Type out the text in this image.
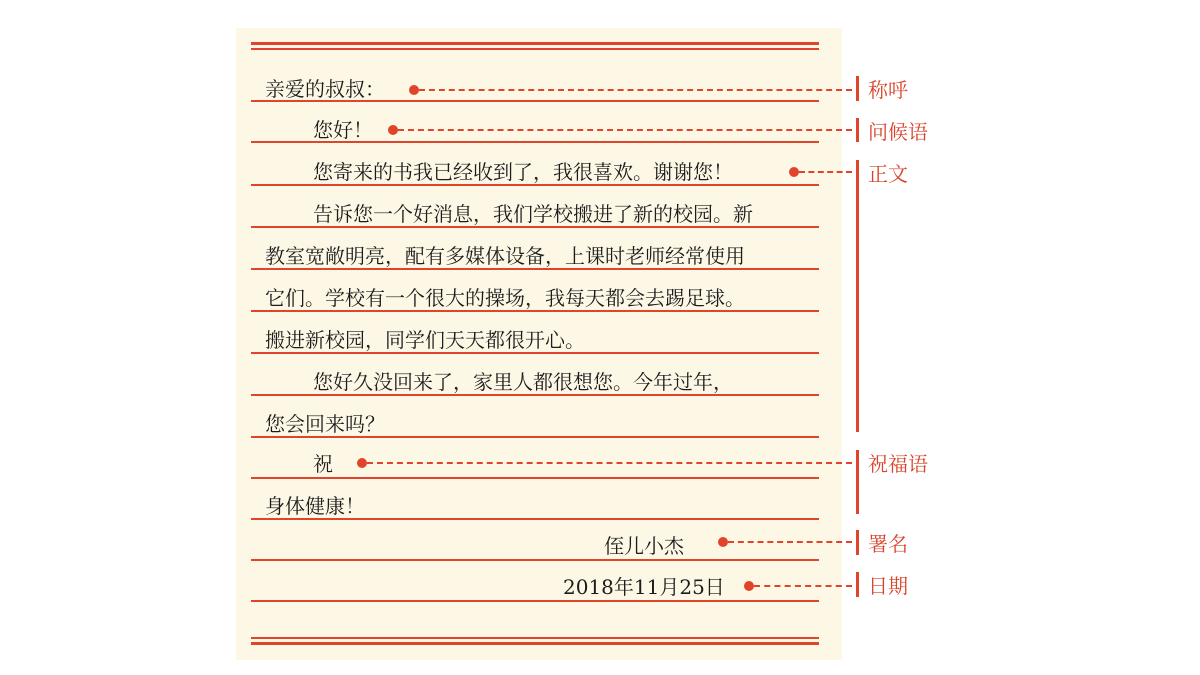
亲爱的叔叔：
您好！
您寄来的书我已经收到了，我很喜欢。谢谢您！
告诉您一个好消息，我们学校搬进了新的校园。新
教室宽敞明亮，配有多媒体设备，上课时老师经常使用
它们。学校有一个很大的操场，我每天都会去踢足球。
搬进新校园，同学们天天都很开心。
您好久没回来了，家里人都很想您。今年过年，
您会回来吗？
祝
身体健康！
侄儿小杰
2018年11月25日
称呼
问候语
正文
祝福语
署名
日期
